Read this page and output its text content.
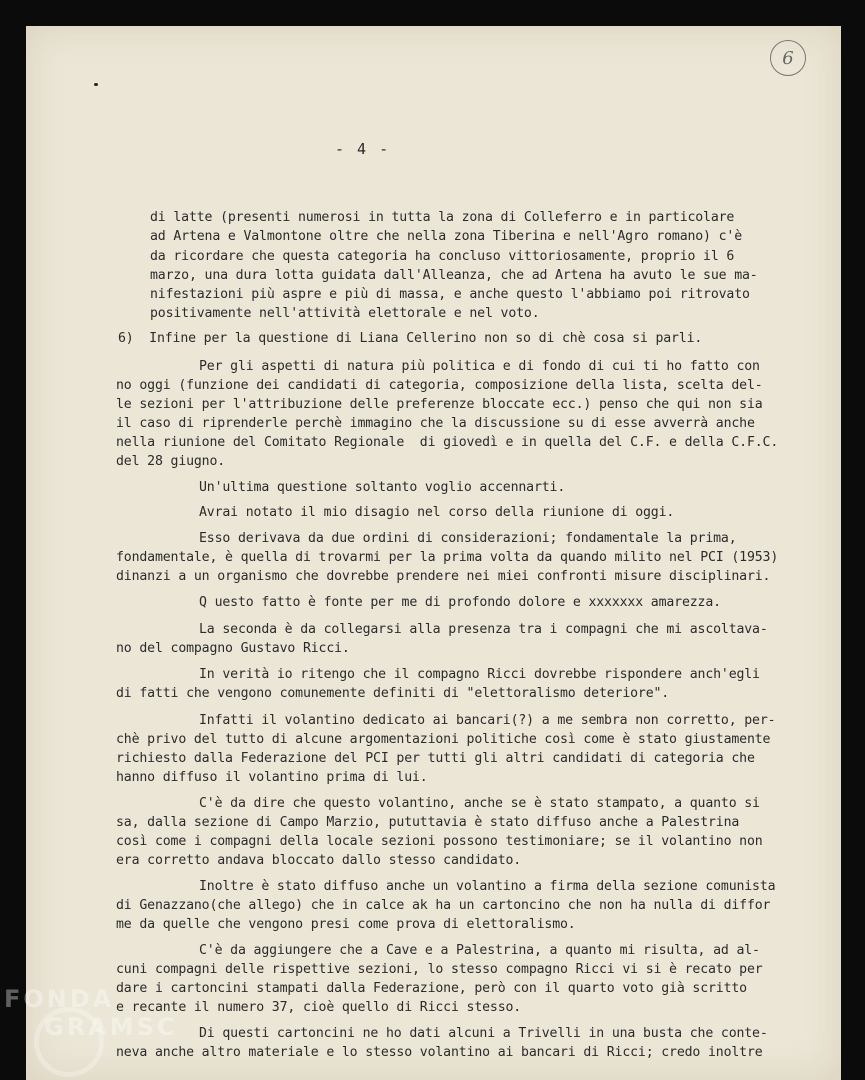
6
- 4 -
di latte (presenti numerosi in tutta la zona di Colleferro e in particolare
ad Artena e Valmontone oltre che nella zona Tiberina e nell'Agro romano) c'è
da ricordare che questa categoria ha concluso vittoriosamente, proprio il 6
marzo, una dura lotta guidata dall'Alleanza, che ad Artena ha avuto le sue ma-
nifestazioni più aspre e più di massa, e anche questo l'abbiamo poi ritrovato
positivamente nell'attività elettorale e nel voto.
6)  Infine per la questione di Liana Cellerino non so di chè cosa si parli.
Per gli aspetti di natura più politica e di fondo di cui ti ho fatto con
no oggi (funzione dei candidati di categoria, composizione della lista, scelta del-
le sezioni per l'attribuzione delle preferenze bloccate ecc.) penso che qui non sia
il caso di riprenderle perchè immagino che la discussione su di esse avverrà anche
nella riunione del Comitato Regionale  di giovedì e in quella del C.F. e della C.F.C.
del 28 giugno.
Un'ultima questione soltanto voglio accennarti.
Avrai notato il mio disagio nel corso della riunione di oggi.
Esso derivava da due ordini di considerazioni; fondamentale la prima,
fondamentale, è quella di trovarmi per la prima volta da quando milito nel PCI (1953)
dinanzi a un organismo che dovrebbe prendere nei miei confronti misure disciplinari.
Q uesto fatto è fonte per me di profondo dolore e xxxxxxx amarezza.
La seconda è da collegarsi alla presenza tra i compagni che mi ascoltava-
no del compagno Gustavo Ricci.
In verità io ritengo che il compagno Ricci dovrebbe rispondere anch'egli
di fatti che vengono comunemente definiti di "elettoralismo deteriore".
Infatti il volantino dedicato ai bancari(?) a me sembra non corretto, per-
chè privo del tutto di alcune argomentazioni politiche così come è stato giustamente
richiesto dalla Federazione del PCI per tutti gli altri candidati di categoria che
hanno diffuso il volantino prima di lui.
C'è da dire che questo volantino, anche se è stato stampato, a quanto si
sa, dalla sezione di Campo Marzio, pututtavia è stato diffuso anche a Palestrina
così come i compagni della locale sezioni possono testimoniare; se il volantino non
era corretto andava bloccato dallo stesso candidato.
Inoltre è stato diffuso anche un volantino a firma della sezione comunista
di Genazzano(che allego) che in calce ak ha un cartoncino che non ha nulla di diffor
me da quelle che vengono presi come prova di elettoralismo.
C'è da aggiungere che a Cave e a Palestrina, a quanto mi risulta, ad al-
cuni compagni delle rispettive sezioni, lo stesso compagno Ricci vi si è recato per
dare i cartoncini stampati dalla Federazione, però con il quarto voto già scritto
e recante il numero 37, cioè quello di Ricci stesso.
Di questi cartoncini ne ho dati alcuni a Trivelli in una busta che conte-
neva anche altro materiale e lo stesso volantino ai bancari di Ricci; credo inoltre
FONDA
GRAMSC
